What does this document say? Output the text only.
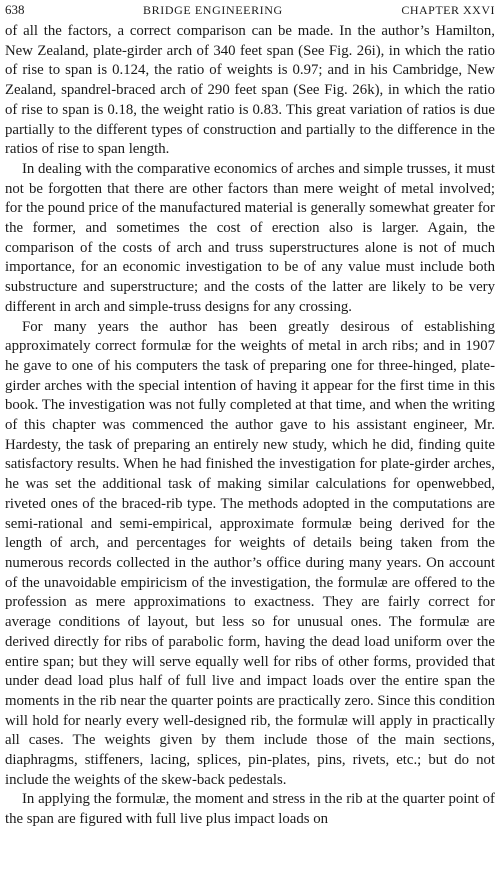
638	BRIDGE ENGINEERING	CHAPTER XXVI

of all the factors, a correct comparison can be made. In the author’s Hamilton, New Zealand, plate-girder arch of 340 feet span (See Fig. 26i), in which the ratio of rise to span is 0.124, the ratio of weights is 0.97; and in his Cambridge, New Zealand, spandrel-braced arch of 290 feet span (See Fig. 26k), in which the ratio of rise to span is 0.18, the weight ratio is 0.83. This great variation of ratios is due partially to the different types of construction and partially to the difference in the ratios of rise to span length.

In dealing with the comparative economics of arches and simple trusses, it must not be forgotten that there are other factors than mere weight of metal involved; for the pound price of the manufactured material is generally somewhat greater for the former, and sometimes the cost of erection also is larger. Again, the comparison of the costs of arch and truss superstructures alone is not of much importance, for an economic investigation to be of any value must include both substructure and superstructure; and the costs of the latter are likely to be very different in arch and simple-truss designs for any crossing.

For many years the author has been greatly desirous of establishing approximately correct formulæ for the weights of metal in arch ribs; and in 1907 he gave to one of his computers the task of preparing one for three-hinged, plate-girder arches with the special intention of having it appear for the first time in this book. The investigation was not fully completed at that time, and when the writing of this chapter was commenced the author gave to his assistant engineer, Mr. Hardesty, the task of preparing an entirely new study, which he did, finding quite satisfactory results. When he had finished the investigation for plate-girder arches, he was set the additional task of making similar calculations for openwebbed, riveted ones of the braced-rib type. The methods adopted in the computations are semi-rational and semi-empirical, approximate formulæ being derived for the length of arch, and percentages for weights of details being taken from the numerous records collected in the author’s office during many years. On account of the unavoidable empiricism of the investigation, the formulæ are offered to the profession as mere approximations to exactness. They are fairly correct for average conditions of layout, but less so for unusual ones. The formulæ are derived directly for ribs of parabolic form, having the dead load uniform over the entire span; but they will serve equally well for ribs of other forms, provided that under dead load plus half of full live and impact loads over the entire span the moments in the rib near the quarter points are practically zero. Since this condition will hold for nearly every well-designed rib, the formulæ will apply in practically all cases. The weights given by them include those of the main sections, diaphragms, stiffeners, lacing, splices, pin-plates, pins, rivets, etc.; but do not include the weights of the skew-back pedestals.

In applying the formulæ, the moment and stress in the rib at the quarter point of the span are figured with full live plus impact loads on
